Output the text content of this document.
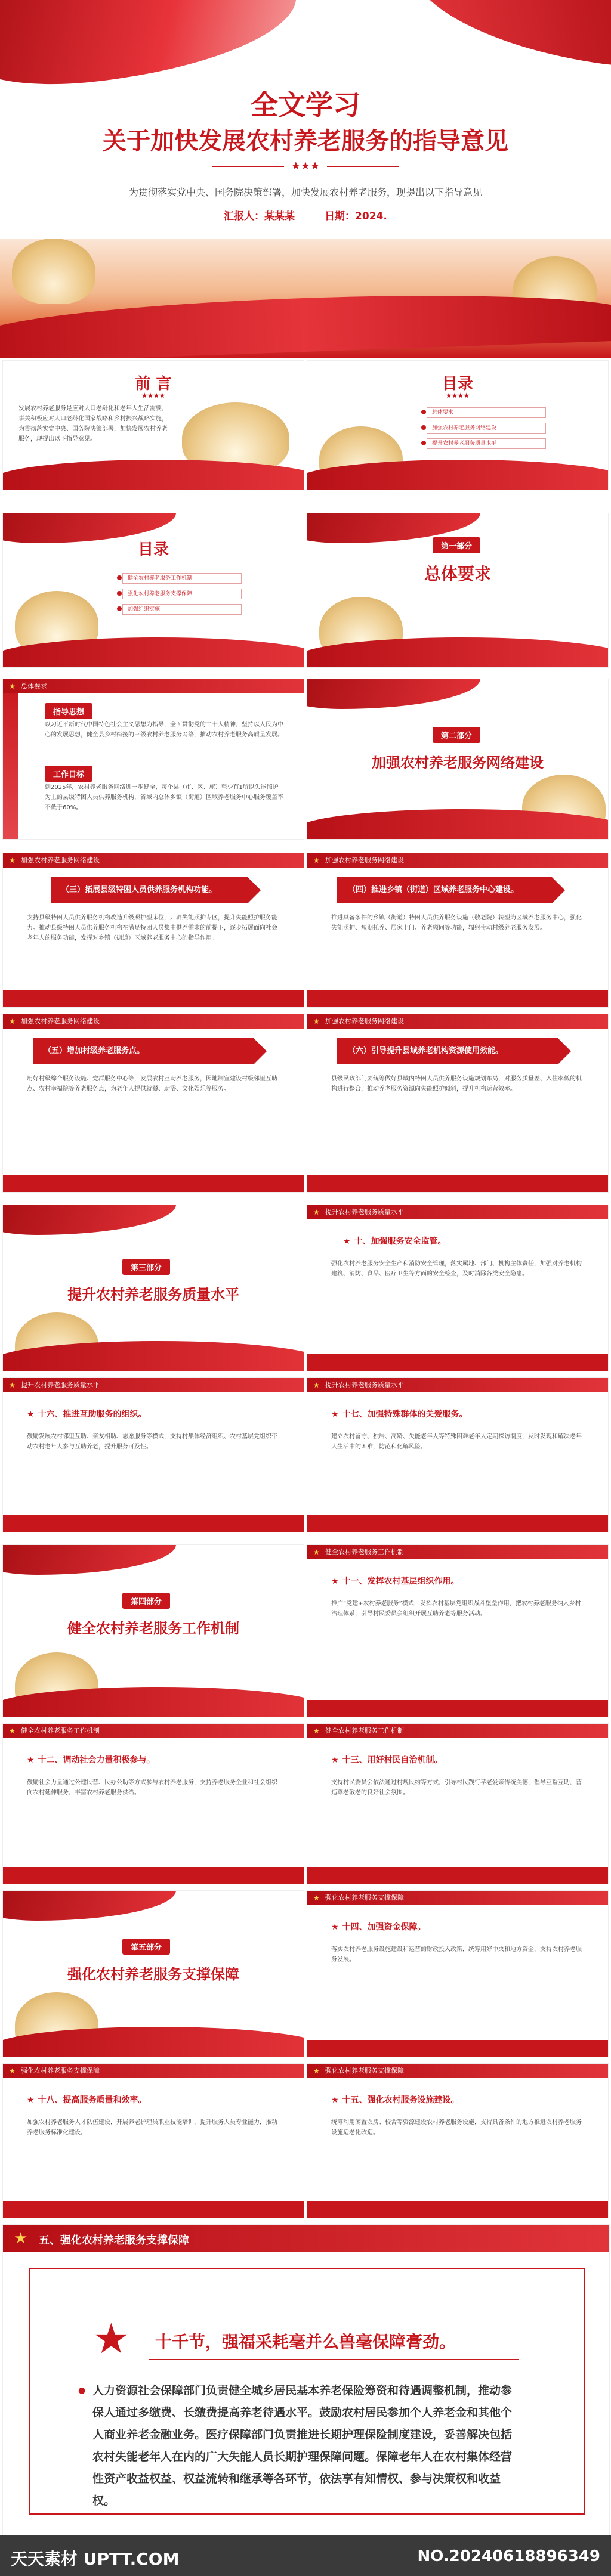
全文学习
关于加快发展农村养老服务的指导意见
★★★
为贯彻落实党中央、国务院决策部署，加快发展农村养老服务，现提出以下指导意见
汇报人：某某某	日期：2024.
前 言
★★★★
发展农村养老服务是应对人口老龄化和老年人生活需要，事关积极应对人口老龄化国家战略和乡村振兴战略实施，为贯彻落实党中央、国务院决策部署，加快发展农村养老服务，现提出以下指导意见。
目录
★★★★
总体要求
加强农村养老服务网络建设
提升农村养老服务质量水平
目录
健全农村养老服务工作机制
强化农村养老服务支撑保障
加强组织实施
第一部分
总体要求
★ 总体要求
指导思想
以习近平新时代中国特色社会主义思想为指导，全面贯彻党的二十大精神，坚持以人民为中心的发展思想，健全县乡村衔接的三级农村养老服务网络，推动农村养老服务高质量发展。
工作目标
到2025年，农村养老服务网络进一步健全，每个县（市、区、旗）至少有1所以失能照护为主的县级特困人员供养服务机构，省域内总体乡镇（街道）区域养老服务中心服务覆盖率不低于60%。
第二部分
加强农村养老服务网络建设
★ 加强农村养老服务网络建设
（三）拓展县级特困人员供养服务机构功能。
支持县级特困人员供养服务机构改造升级照护型床位，开辟失能照护专区，提升失能照护服务能力。推动县级特困人员供养服务机构在满足特困人员集中供养需求的前提下，逐步拓展面向社会老年人的服务功能，发挥对乡镇（街道）区域养老服务中心的指导作用。
★ 加强农村养老服务网络建设
（四）推进乡镇（街道）区域养老服务中心建设。
推进具备条件的乡镇（街道）特困人员供养服务设施（敬老院）转型为区域养老服务中心，强化失能照护、短期托养、居家上门、养老顾问等功能，辐射带动村级养老服务发展。
★ 加强农村养老服务网络建设
（五）增加村级养老服务点。
用好村级综合服务设施、党群服务中心等，发展农村互助养老服务，因地制宜建设村级邻里互助点、农村幸福院等养老服务点，为老年人提供就餐、助浴、文化娱乐等服务。
★ 加强农村养老服务网络建设
（六）引导提升县域养老机构资源使用效能。
县级民政部门要统筹做好县域内特困人员供养服务设施规划布局，对服务质量差、入住率低的机构进行整合，推动养老服务资源向失能照护倾斜，提升机构运营效率。
第三部分
提升农村养老服务质量水平
★ 提升农村养老服务质量水平
★ 十、加强服务安全监管。
强化农村养老服务安全生产和消防安全管理，落实属地、部门、机构主体责任，加强对养老机构建筑、消防、食品、医疗卫生等方面的安全检查，及时消除各类安全隐患。
★ 提升农村养老服务质量水平
★ 十六、推进互助服务的组织。
鼓励发展农村邻里互助、亲友相助、志愿服务等模式，支持村集体经济组织、农村基层党组织带动农村老年人参与互助养老，提升服务可及性。
★ 提升农村养老服务质量水平
★ 十七、加强特殊群体的关爱服务。
建立农村留守、独居、高龄、失能老年人等特殊困难老年人定期探访制度，及时发现和解决老年人生活中的困难，防范和化解风险。
第四部分
健全农村养老服务工作机制
★ 健全农村养老服务工作机制
★ 十一、发挥农村基层组织作用。
推广“党建+农村养老服务”模式，发挥农村基层党组织战斗堡垒作用，把农村养老服务纳入乡村治理体系，引导村民委员会组织开展互助养老等服务活动。
★ 健全农村养老服务工作机制
★ 十二、调动社会力量积极参与。
鼓励社会力量通过公建民营、民办公助等方式参与农村养老服务，支持养老服务企业和社会组织向农村延伸服务，丰富农村养老服务供给。
★ 健全农村养老服务工作机制
★ 十三、用好村民自治机制。
支持村民委员会依法通过村规民约等方式，引导村民践行孝老爱亲传统美德，倡导互帮互助，营造尊老敬老的良好社会氛围。
第五部分
强化农村养老服务支撑保障
★ 强化农村养老服务支撑保障
★ 十四、加强资金保障。
落实农村养老服务设施建设和运营的财政投入政策，统筹用好中央和地方资金，支持农村养老服务发展。
★ 强化农村养老服务支撑保障
★ 十八、提高服务质量和效率。
加强农村养老服务人才队伍建设，开展养老护理员职业技能培训，提升服务人员专业能力，推动养老服务标准化建设。
★ 强化农村养老服务支撑保障
★ 十五、强化农村服务设施建设。
统筹利用闲置农房、校舍等资源建设农村养老服务设施，支持具备条件的地方推进农村养老服务设施适老化改造。
★ 五、强化农村养老服务支撑保障
★ 十千节，强福采耗毫并么兽毫保障膏劲。
● 人力资源社会保障部门负责健全城乡居民基本养老保险筹资和待遇调整机制，推动参保人通过多缴费、长缴费提高养老待遇水平。鼓励农村居民参加个人养老金和其他个人商业养老金融业务。医疗保障部门负责推进长期护理保险制度建设，妥善解决包括农村失能老年人在内的广大失能人员长期护理保障问题。保障老年人在农村集体经营性资产收益权益、权益流转和继承等各环节，依法享有知情权、参与决策权和收益权。
天天素材 UPTT.COM	NO.20240618896349
